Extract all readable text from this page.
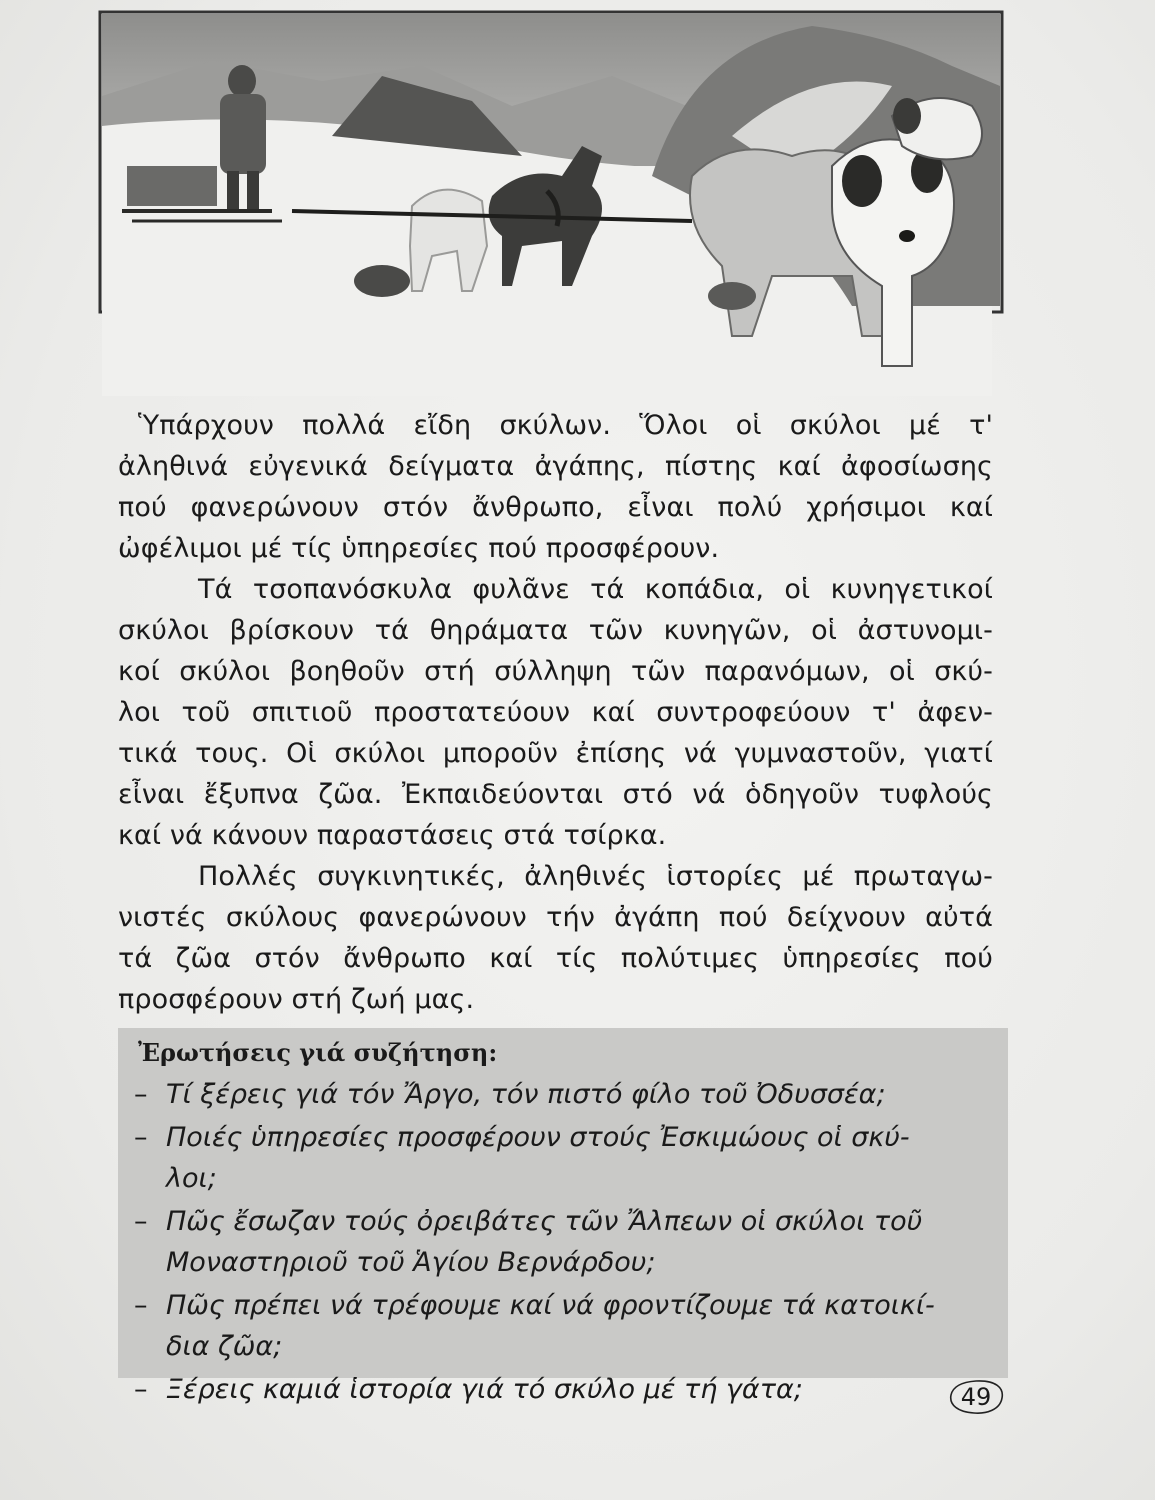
Ὑπάρχουν πολλά εἴδη σκύλων. Ὅλοι οἱ σκύλοι μέ τ'
ἀληθινά εὐγενικά δείγματα ἀγάπης, πίστης καί ἀφοσίωσης
πού φανερώνουν στόν ἄνθρωπο, εἶναι πολύ χρήσιμοι καί
ὠφέλιμοι μέ τίς ὑπηρεσίες πού προσφέρουν.

Τά τσοπανόσκυλα φυλᾶνε τά κοπάδια, οἱ κυνηγετικοί
σκύλοι βρίσκουν τά θηράματα τῶν κυνηγῶν, οἱ ἀστυνομι-
κοί σκύλοι βοηθοῦν στή σύλληψη τῶν παρανόμων, οἱ σκύ-
λοι τοῦ σπιτιοῦ προστατεύουν καί συντροφεύουν τ' ἀφεν-
τικά τους. Οἱ σκύλοι μποροῦν ἐπίσης νά γυμναστοῦν, γιατί
εἶναι ἔξυπνα ζῶα. Ἐκπαιδεύονται στό νά ὁδηγοῦν τυφλούς
καί νά κάνουν παραστάσεις στά τσίρκα.

Πολλές συγκινητικές, ἀληθινές ἱστορίες μέ πρωταγω-
νιστές σκύλους φανερώνουν τήν ἀγάπη πού δείχνουν αὐτά
τά ζῶα στόν ἄνθρωπο καί τίς πολύτιμες ὑπηρεσίες πού
προσφέρουν στή ζωή μας.

Ἐρωτήσεις γιά συζήτηση:
– Τί ξέρεις γιά τόν Ἄργο, τόν πιστό φίλο τοῦ Ὀδυσσέα;
– Ποιές ὑπηρεσίες προσφέρουν στούς Ἐσκιμώους οἱ σκύ-
λοι;
– Πῶς ἔσωζαν τούς ὀρειβάτες τῶν Ἄλπεων οἱ σκύλοι τοῦ
Μοναστηριοῦ τοῦ Ἁγίου Βερνάρδου;
– Πῶς πρέπει νά τρέφουμε καί νά φροντίζουμε τά κατοικί-
δια ζῶα;
– Ξέρεις καμιά ἱστορία γιά τό σκύλο μέ τή γάτα;	49
